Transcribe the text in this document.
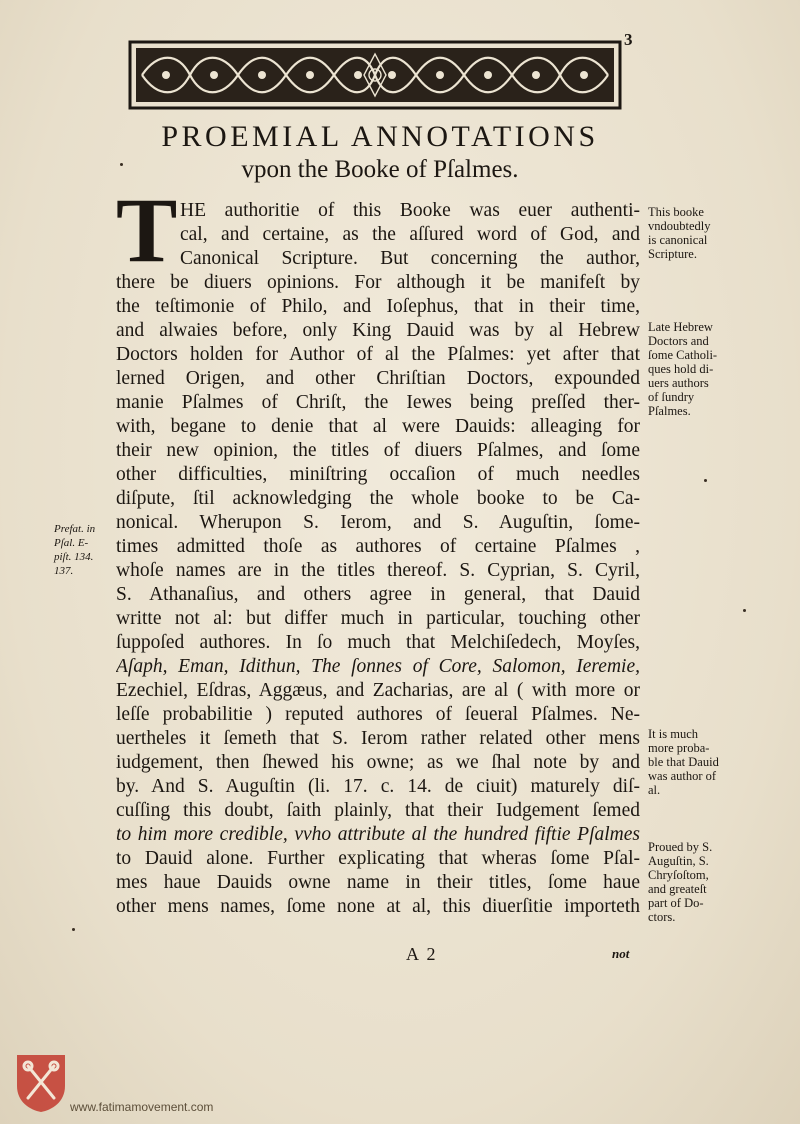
3
PROEMIAL ANNOTATIONS
vpon the Booke of Pſalmes.
T HE authoritie of this Booke was euer authenti-
cal, and certaine, as the aſſured word of God, and
Canonical Scripture. But concerning the author,
there be diuers opinions. For although it be manifeſt by
the teſtimonie of Philo, and Ioſephus, that in their time,
and alwaies before, only King Dauid was by al Hebrew
Doctors holden for Author of al the Pſalmes: yet after that
lerned Origen, and other Chriſtian Doctors, expounded
manie Pſalmes of Chriſt, the Iewes being preſſed ther-
with, begane to denie that al were Dauids: alleaging for
their new opinion, the titles of diuers Pſalmes, and ſome
other difficulties, miniſtring occaſion of much needles
diſpute, ſtil acknowledging the whole booke to be Ca-
nonical. Wherupon S. Ierom, and S. Auguſtin, ſome-
times admitted thoſe as authores of certaine Pſalmes ,
whoſe names are in the titles thereof. S. Cyprian, S. Cyril,
S. Athanaſius, and others agree in general, that Dauid
writte not al: but differ much in particular, touching other
ſuppoſed authores. In ſo much that Melchiſedech, Moyſes,
Aſaph, Eman, Idithun, The ſonnes of Core, Salomon, Ieremie,
Ezechiel, Eſdras, Aggæus, and Zacharias, are al ( with more or
leſſe probabilitie ) reputed authores of ſeueral Pſalmes. Ne-
uertheles it ſemeth that S. Ierom rather related other mens
iudgement, then ſhewed his owne; as we ſhal note by and
by. And S. Auguſtin (li. 17. c. 14. de ciuit) maturely diſ-
cuſſing this doubt, ſaith plainly, that their Iudgement ſemed
to him more credible, vvho attribute al the hundred fiftie Pſalmes
to Dauid alone. Further explicating that wheras ſome Pſal-
mes haue Dauids owne name in their titles, ſome haue
other mens names, ſome none at al, this diuerſitie importeth
This booke
vndoubtedly
is canonical
Scripture.
Late Hebrew
Doctors and
ſome Catholi-
ques hold di-
uers authors
of ſundry
Pſalmes.
It is much
more proba-
ble that Dauid
was author of
al.
Proued by S.
Auguſtin, S.
Chryſoſtom,
and greateſt
part of Do-
ctors.
Prefat. in
Pſal. E-
piſt. 134.
137.
A 2	not
www.fatimamovement.com
